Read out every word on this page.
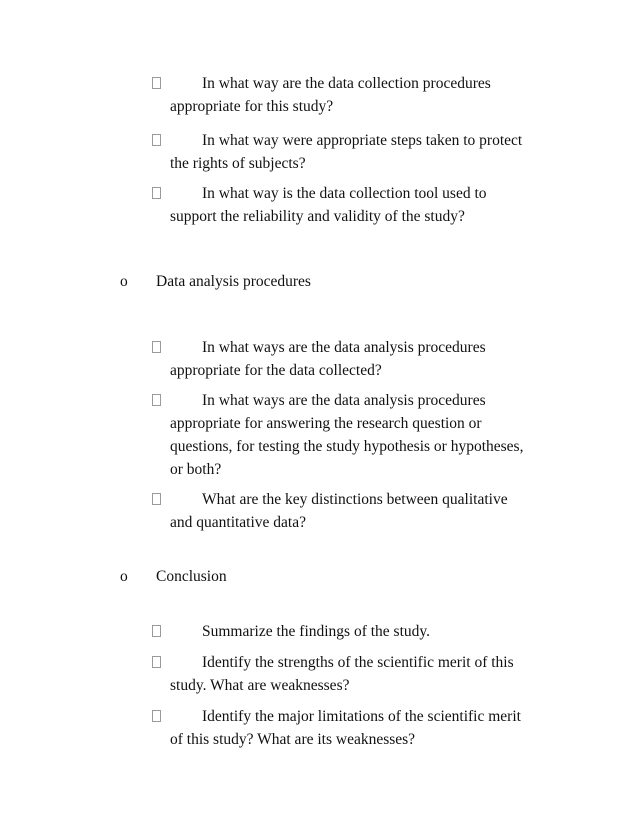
In what way are the data collection procedures
appropriate for this study?
In what way were appropriate steps taken to protect
the rights of subjects?
In what way is the data collection tool used to
support the reliability and validity of the study?
o Data analysis procedures
In what ways are the data analysis procedures
appropriate for the data collected?
In what ways are the data analysis procedures
appropriate for answering the research question or
questions, for testing the study hypothesis or hypotheses,
or both?
What are the key distinctions between qualitative
and quantitative data?
o Conclusion
Summarize the findings of the study.
Identify the strengths of the scientific merit of this
study. What are weaknesses?
Identify the major limitations of the scientific merit
of this study? What are its weaknesses?
